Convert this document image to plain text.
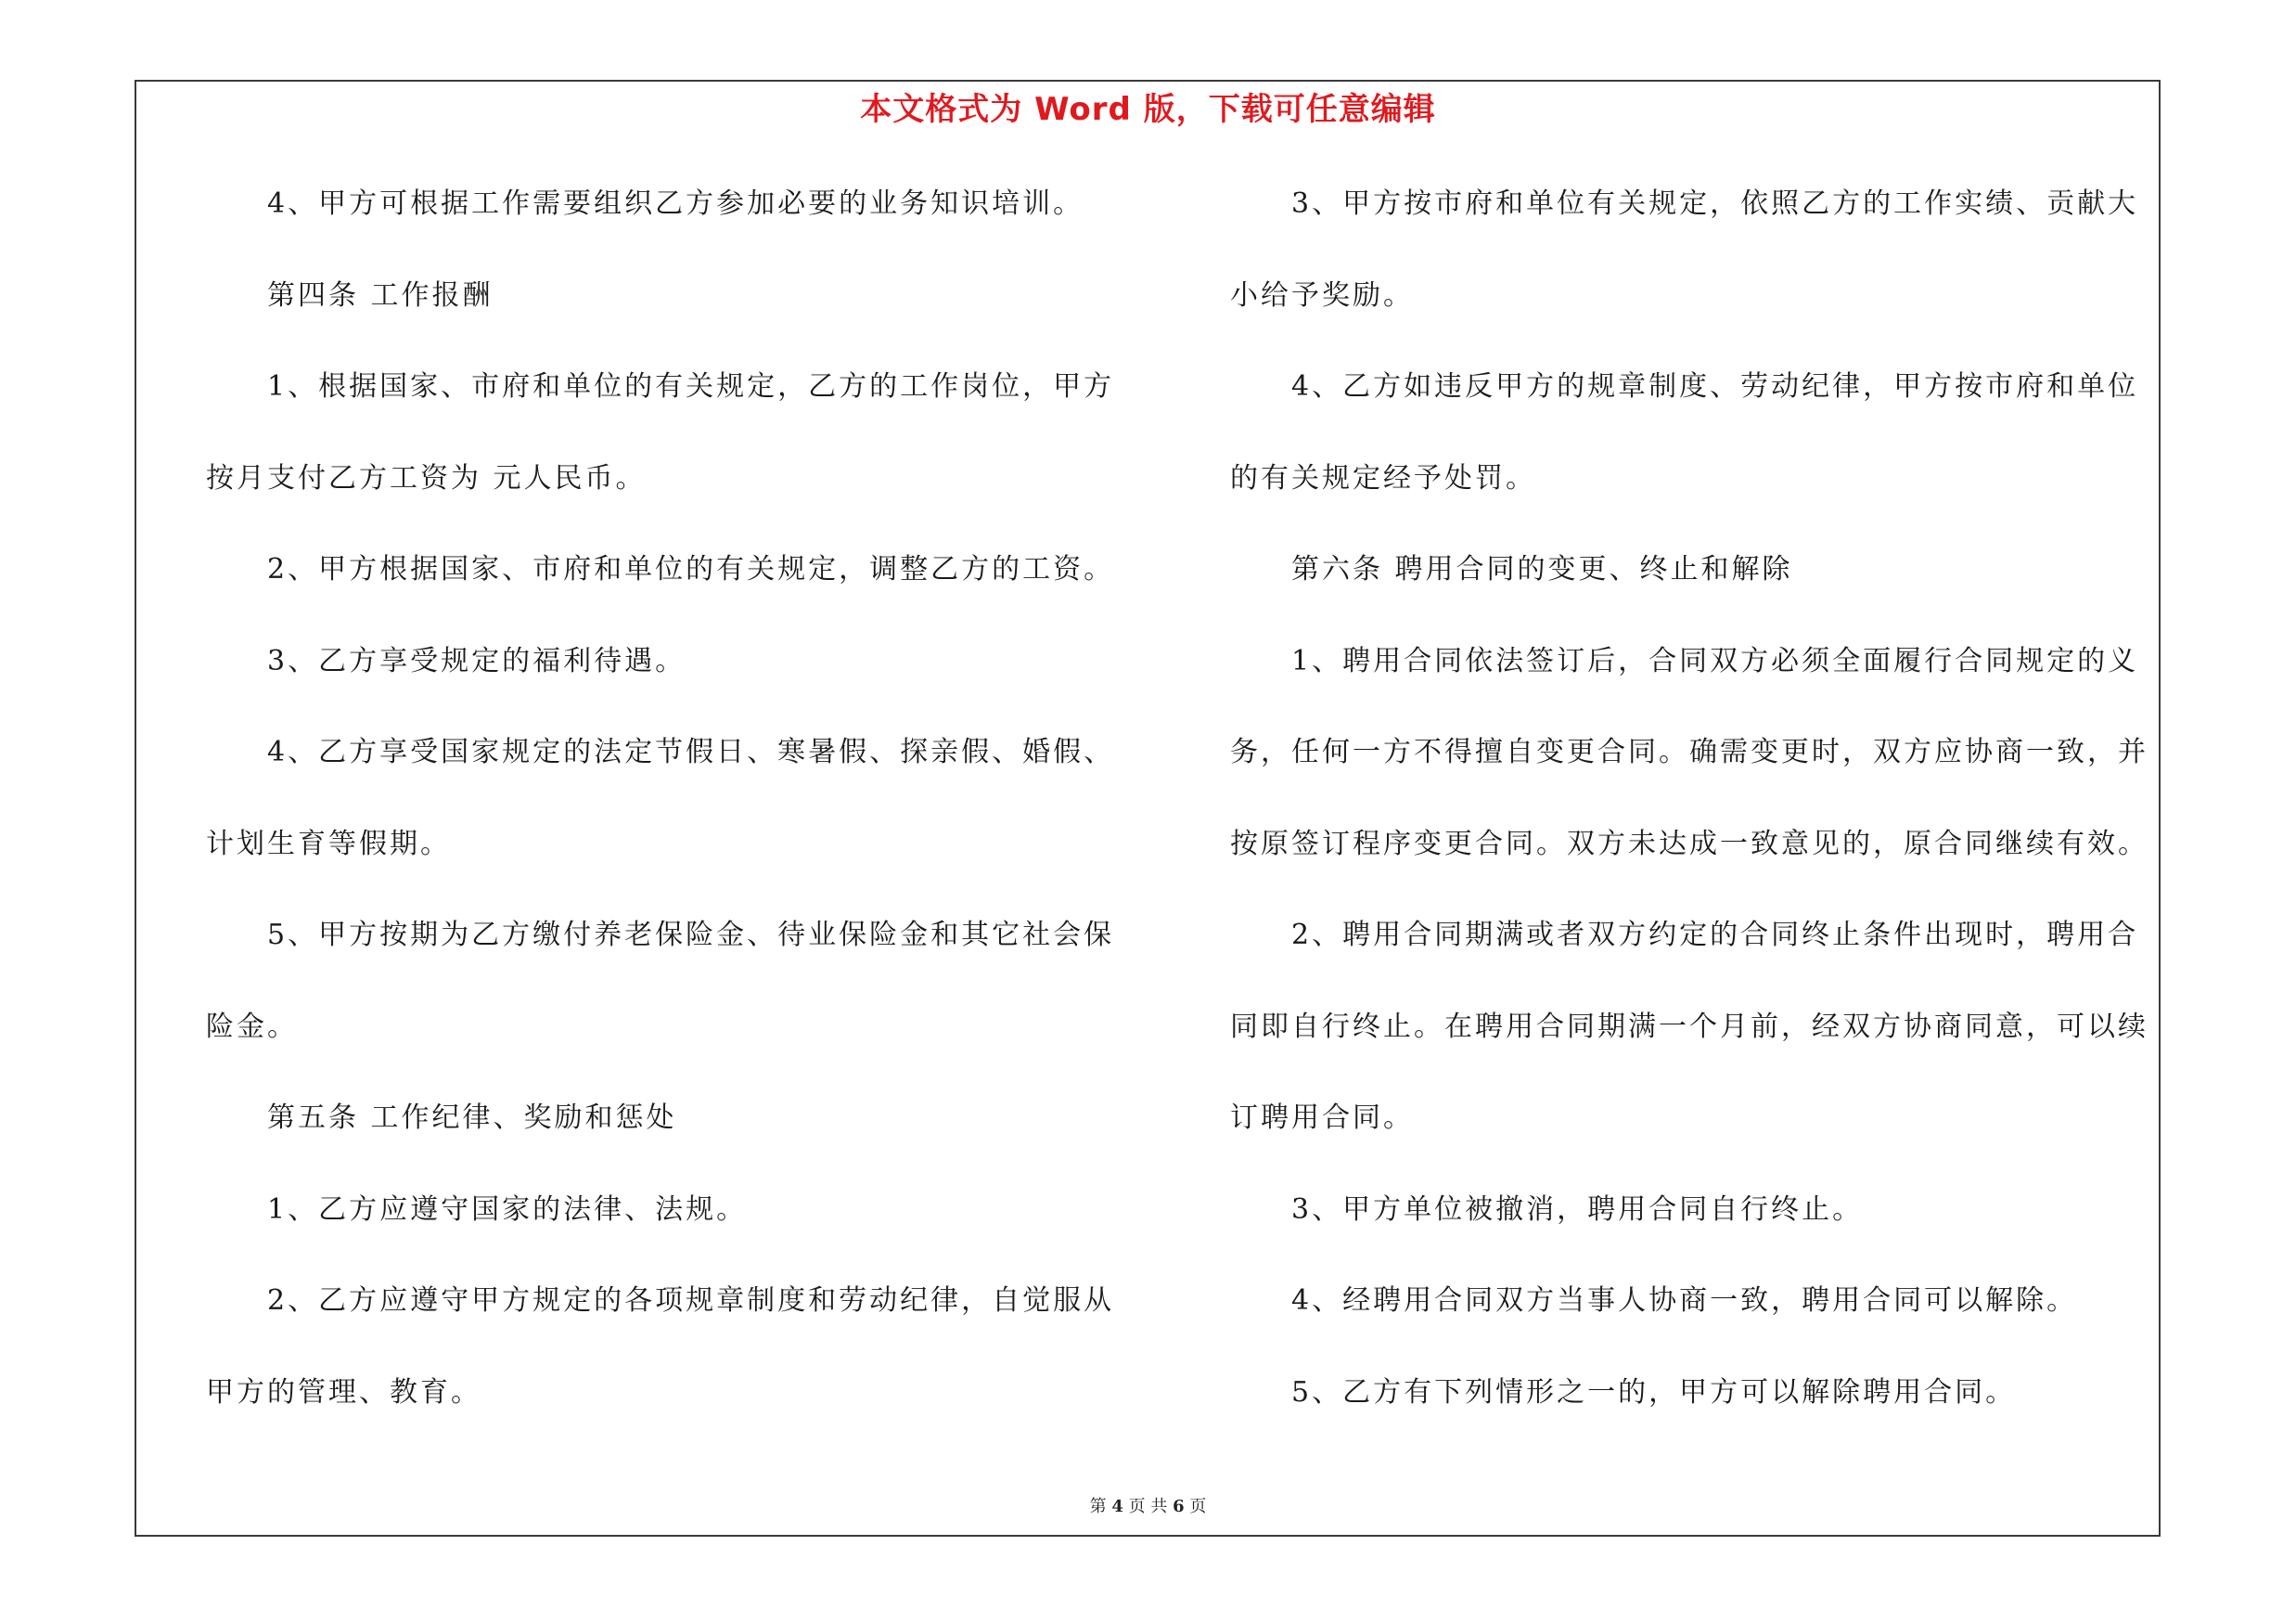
本文格式为 Word 版，下载可任意编辑
4、甲方可根据工作需要组织乙方参加必要的业务知识培训。
第四条 工作报酬
1、根据国家、市府和单位的有关规定，乙方的工作岗位，甲方
按月支付乙方工资为 元人民币。
2、甲方根据国家、市府和单位的有关规定，调整乙方的工资。
3、乙方享受规定的福利待遇。
4、乙方享受国家规定的法定节假日、寒暑假、探亲假、婚假、
计划生育等假期。
5、甲方按期为乙方缴付养老保险金、待业保险金和其它社会保
险金。
第五条 工作纪律、奖励和惩处
1、乙方应遵守国家的法律、法规。
2、乙方应遵守甲方规定的各项规章制度和劳动纪律，自觉服从
甲方的管理、教育。
3、甲方按市府和单位有关规定，依照乙方的工作实绩、贡献大
小给予奖励。
4、乙方如违反甲方的规章制度、劳动纪律，甲方按市府和单位
的有关规定经予处罚。
第六条 聘用合同的变更、终止和解除
1、聘用合同依法签订后，合同双方必须全面履行合同规定的义
务，任何一方不得擅自变更合同。确需变更时，双方应协商一致，并
按原签订程序变更合同。双方未达成一致意见的，原合同继续有效。
2、聘用合同期满或者双方约定的合同终止条件出现时，聘用合
同即自行终止。在聘用合同期满一个月前，经双方协商同意，可以续
订聘用合同。
3、甲方单位被撤消，聘用合同自行终止。
4、经聘用合同双方当事人协商一致，聘用合同可以解除。
5、乙方有下列情形之一的，甲方可以解除聘用合同。
第 4 页 共 6 页
